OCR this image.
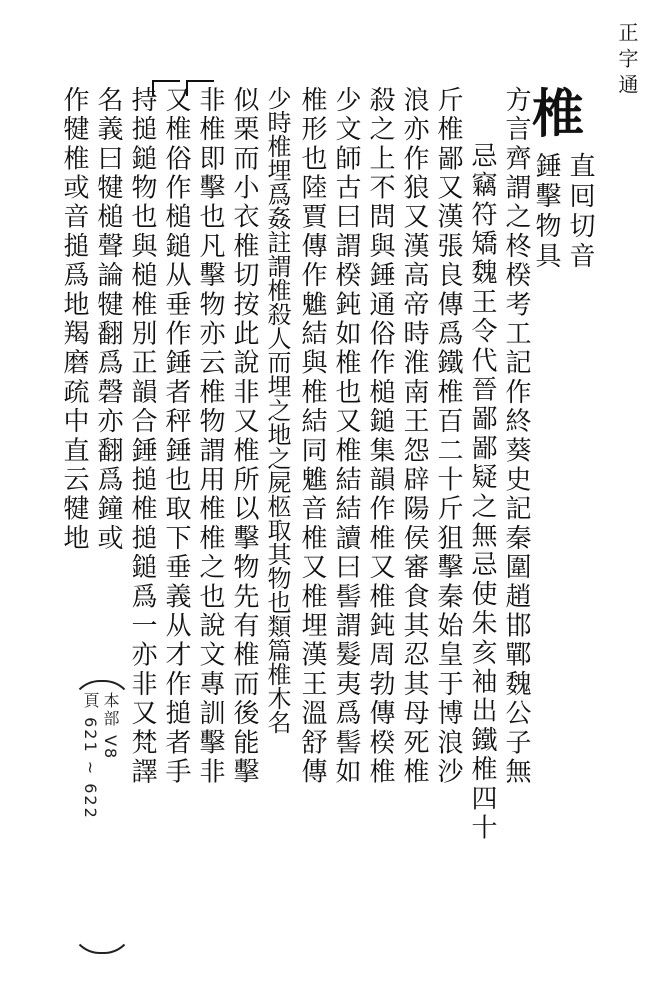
正字通
椎
直囘切音
錘擊物具
方言齊謂之柊楑考工記作終葵史記秦圍趙邯鄲魏公子無
忌竊符矯魏王令代晉鄙鄙疑之無忌使朱亥袖出鐵椎四十
斤椎鄙又漢張良傳爲鐵椎百二十斤狙擊秦始皇于博浪沙
浪亦作狼又漢高帝時淮南王怨辟陽侯審食其忍其母死椎
殺之上不問與錘通俗作槌鎚集韻作椎又椎鈍周勃傳楑椎
少文師古曰謂楑鈍如椎也又椎結結讀曰髻謂髮夷爲髻如
椎形也陸賈傳作魋結與椎結同魋音椎又椎埋漢王溫舒傳
少時椎埋爲姦註謂椎殺人而埋之地之屍柩取其物也類篇椎木名
似栗而小衣椎切按此說非又椎所以擊物先有椎而後能擊
非椎即擊也凡擊物亦云椎物謂用椎椎之也說文專訓擊非
又椎俗作槌鎚从垂作錘者秤錘也取下垂義从才作搥者手
持搥鎚物也與槌椎別正韻合錘搥椎搥鎚爲一亦非又梵譯
名義曰犍槌聲論犍翻爲磬亦翻爲鐘或
作犍椎或音搥爲地羯磨疏中直云犍地
本部 V8
頁 621 ~ 622
